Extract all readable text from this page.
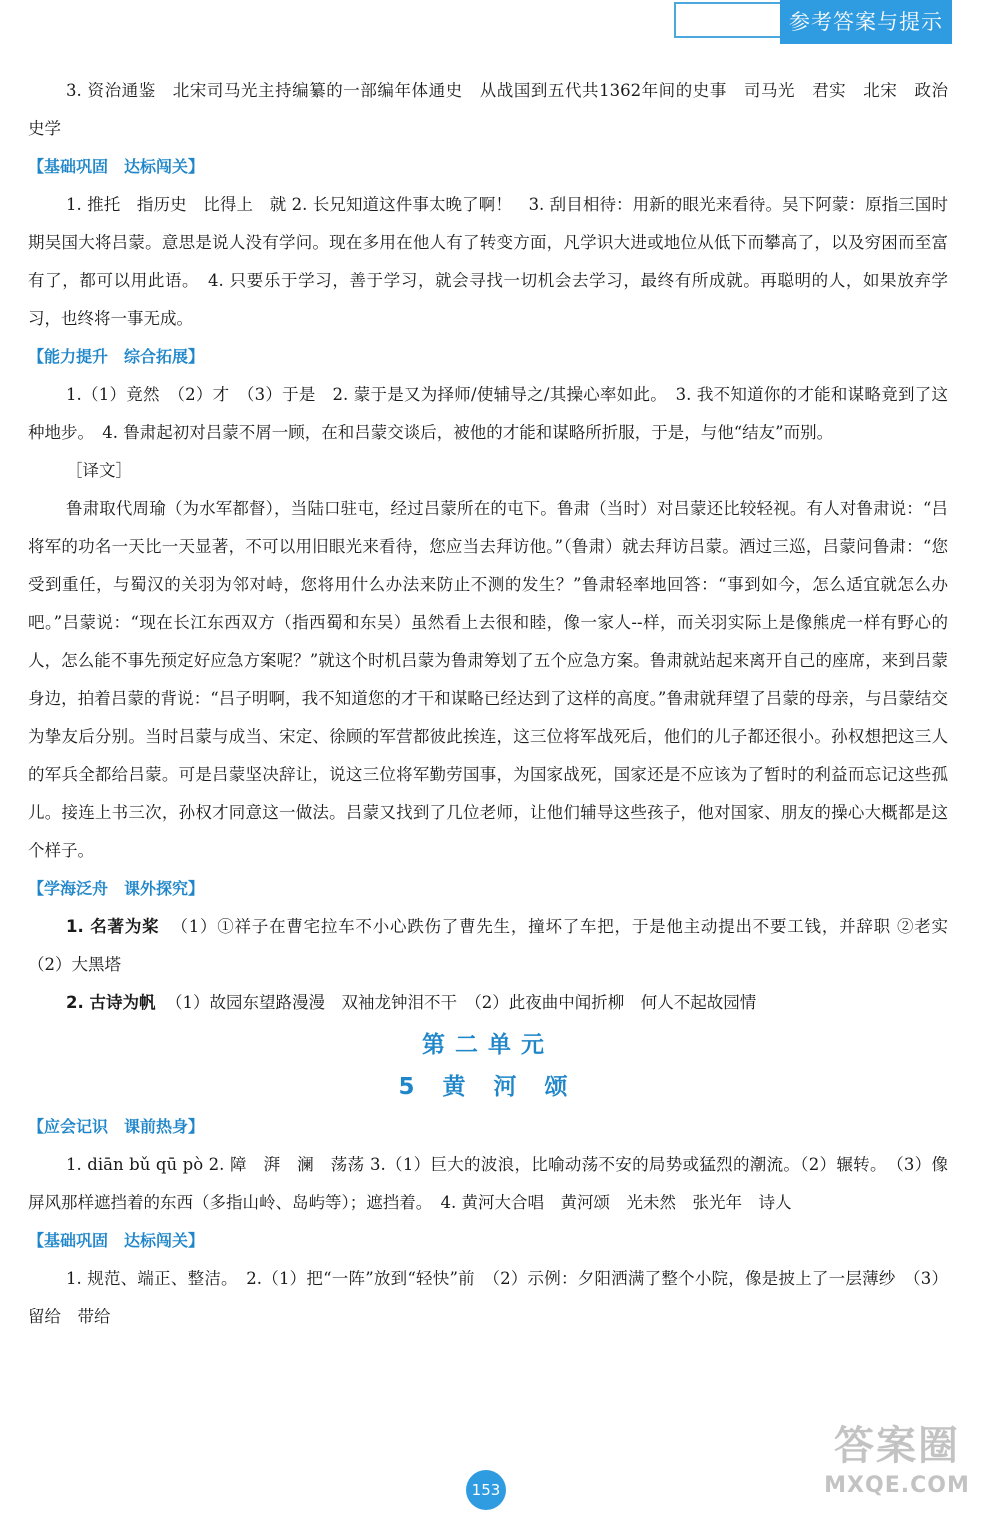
参考答案与提示

3. 资治通鉴　北宋司马光主持编纂的一部编年体通史　从战国到五代共1362年间的史事　司马光　君实　北宋　政治　史学

【基础巩固　达标闯关】

1. 推托　指历史　比得上　就 2. 长兄知道这件事太晚了啊！　3. 刮目相待：用新的眼光来看待。吴下阿蒙：原指三国时期吴国大将吕蒙。意思是说人没有学问。现在多用在他人有了转变方面，凡学识大进或地位从低下而攀高了，以及穷困而至富有了，都可以用此语。　4. 只要乐于学习，善于学习，就会寻找一切机会去学习，最终有所成就。再聪明的人，如果放弃学习，也终将一事无成。

【能力提升　综合拓展】

1.（1）竟然　（2）才　（3）于是　2. 蒙于是又为择师/使辅导之/其操心率如此。　3. 我不知道你的才能和谋略竟到了这种地步。　4. 鲁肃起初对吕蒙不屑一顾，在和吕蒙交谈后，被他的才能和谋略所折服，于是，与他“结友”而别。

［译文］

鲁肃取代周瑜（为水军都督），当陆口驻屯，经过吕蒙所在的屯下。鲁肃（当时）对吕蒙还比较轻视。有人对鲁肃说：“吕将军的功名一天比一天显著，不可以用旧眼光来看待，您应当去拜访他。”（鲁肃）就去拜访吕蒙。酒过三巡，吕蒙问鲁肃：“您受到重任，与蜀汉的关羽为邻对峙，您将用什么办法来防止不测的发生？”鲁肃轻率地回答：“事到如今，怎么适宜就怎么办吧。”吕蒙说：“现在长江东西双方（指西蜀和东吴）虽然看上去很和睦，像一家人--样，而关羽实际上是像熊虎一样有野心的人，怎么能不事先预定好应急方案呢？”就这个时机吕蒙为鲁肃筹划了五个应急方案。鲁肃就站起来离开自己的座席，来到吕蒙身边，拍着吕蒙的背说：“吕子明啊，我不知道您的才干和谋略已经达到了这样的高度。”鲁肃就拜望了吕蒙的母亲，与吕蒙结交为挚友后分别。当时吕蒙与成当、宋定、徐顾的军营都彼此挨连，这三位将军战死后，他们的儿子都还很小。孙权想把这三人的军兵全都给吕蒙。可是吕蒙坚决辞让，说这三位将军勤劳国事，为国家战死，国家还是不应该为了暂时的利益而忘记这些孤儿。接连上书三次，孙权才同意这一做法。吕蒙又找到了几位老师，让他们辅导这些孩子，他对国家、朋友的操心大概都是这个样子。

【学海泛舟　课外探究】

1. 名著为桨 （1）①祥子在曹宅拉车不小心跌伤了曹先生，撞坏了车把，于是他主动提出不要工钱，并辞职 ②老实　（2）大黑塔

2. 古诗为帆 （1）故园东望路漫漫　双袖龙钟泪不干　（2）此夜曲中闻折柳　何人不起故园情

第二单元

5 黄 河 颂

【应会记识　课前热身】

1. diān bǔ qū pò 2. 障　湃　澜　荡荡 3.（1）巨大的波浪，比喻动荡不安的局势或猛烈的潮流。（2）辗转。　（3）像屏风那样遮挡着的东西（多指山岭、岛屿等）；遮挡着。　4. 黄河大合唱　黄河颂　光未然　张光年　诗人

【基础巩固　达标闯关】

1. 规范、端正、整洁。　2.（1）把“一阵”放到“轻快”前　（2）示例：夕阳洒满了整个小院，像是披上了一层薄纱　（3）留给　带给

153
答案圈
MXQE.COM
